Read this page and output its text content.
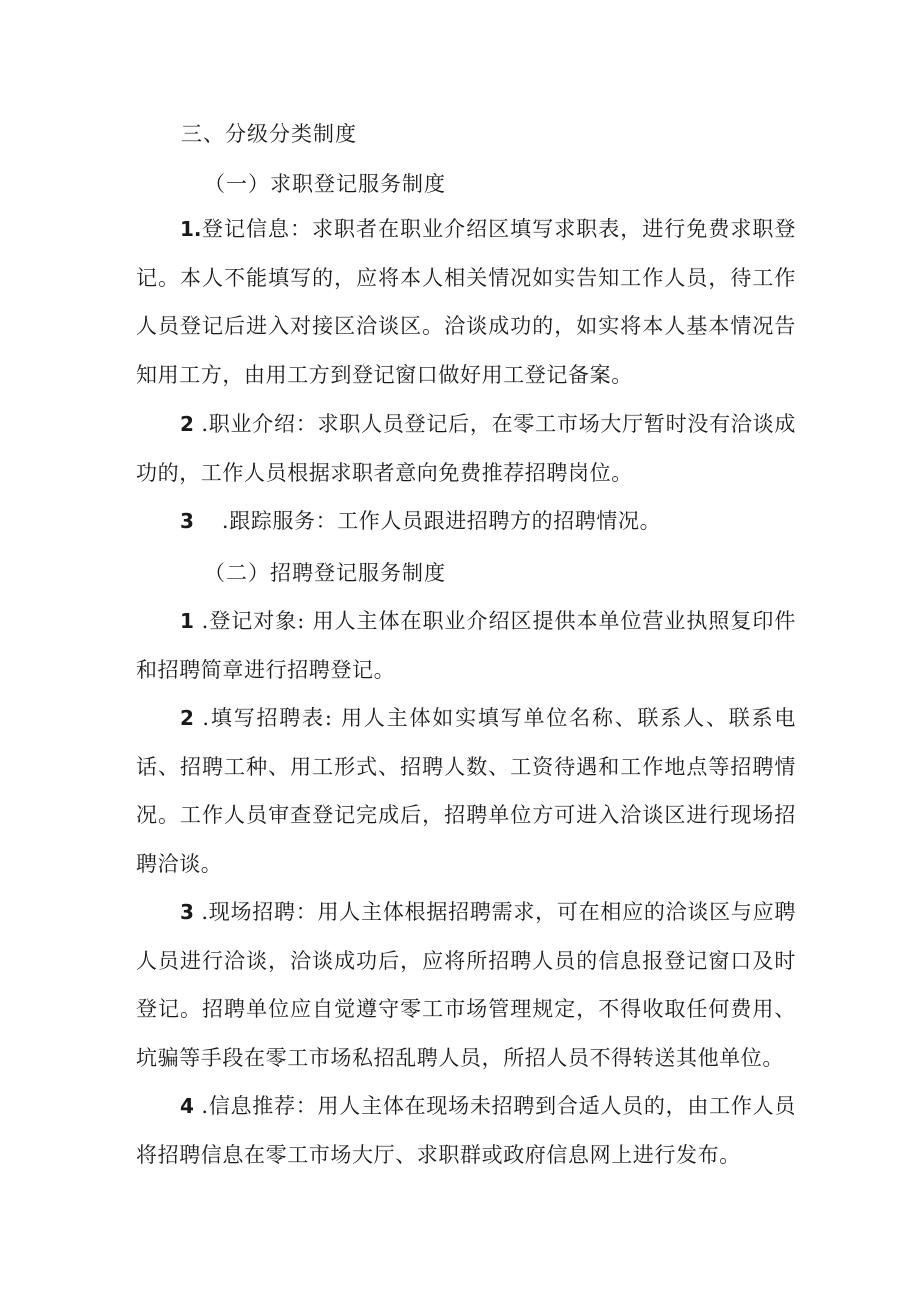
三、分级分类制度
（一）求职登记服务制度

1.登记信息：求职者在职业介绍区填写求职表，进行免费求职登记。本人不能填写的，应将本人相关情况如实告知工作人员，待工作人员登记后进入对接区洽谈区。洽谈成功的，如实将本人基本情况告知用工方，由用工方到登记窗口做好用工登记备案。

2 .职业介绍：求职人员登记后，在零工市场大厅暂时没有洽谈成功的，工作人员根据求职者意向免费推荐招聘岗位。

3 .跟踪服务：工作人员跟进招聘方的招聘情况。

（二）招聘登记服务制度

1 .登记对象: 用人主体在职业介绍区提供本单位营业执照复印件和招聘简章进行招聘登记。

2 .填写招聘表: 用人主体如实填写单位名称、联系人、联系电话、招聘工种、用工形式、招聘人数、工资待遇和工作地点等招聘情况。工作人员审查登记完成后，招聘单位方可进入洽谈区进行现场招聘洽谈。

3 .现场招聘：用人主体根据招聘需求，可在相应的洽谈区与应聘人员进行洽谈，洽谈成功后，应将所招聘人员的信息报登记窗口及时登记。招聘单位应自觉遵守零工市场管理规定，不得收取任何费用、坑骗等手段在零工市场私招乱聘人员，所招人员不得转送其他单位。

4 .信息推荐：用人主体在现场未招聘到合适人员的，由工作人员将招聘信息在零工市场大厅、求职群或政府信息网上进行发布。
